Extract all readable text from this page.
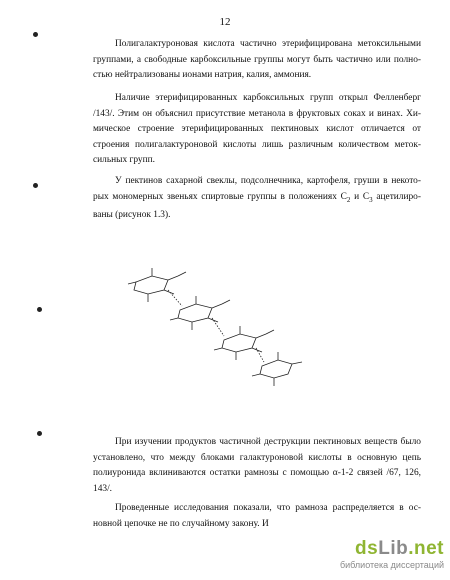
12
Полигалактуроновая кислота частично этерифицирована метоксильными
группами, а свободные карбоксильные группы могут быть частично или полно-
стью нейтрализованы ионами натрия, калия, аммония.
Наличие этерифицированных карбоксильных групп открыл Фелленберг
/143/. Этим он объяснил присутствие метанола в фруктовых соках и винах. Хи-
мическое строение этерифицированных пектиновых кислот отличается от
строения полигалактуроновой кислоты лишь различным количеством меток-
сильных групп.
У пектинов сахарной свеклы, подсолнечника, картофеля, груши в некото-
рых мономерных звеньях спиртовые группы в положениях $С_2$ и $С_3$ ацетилиро-
ваны (рисунок 1.3).
При изучении продуктов частичной деструкции пектиновых веществ было
установлено, что между блоками галактуроновой кислоты в основную цепь
полиуронида вклиниваются остатки рамнозы с помощью α-1-2 связей /67, 126,
143/.
Проведенные исследования показали, что рамноза распределяется в ос-
новной цепочке не по случайному закону. И
dsLib.net
библиотека диссертаций
